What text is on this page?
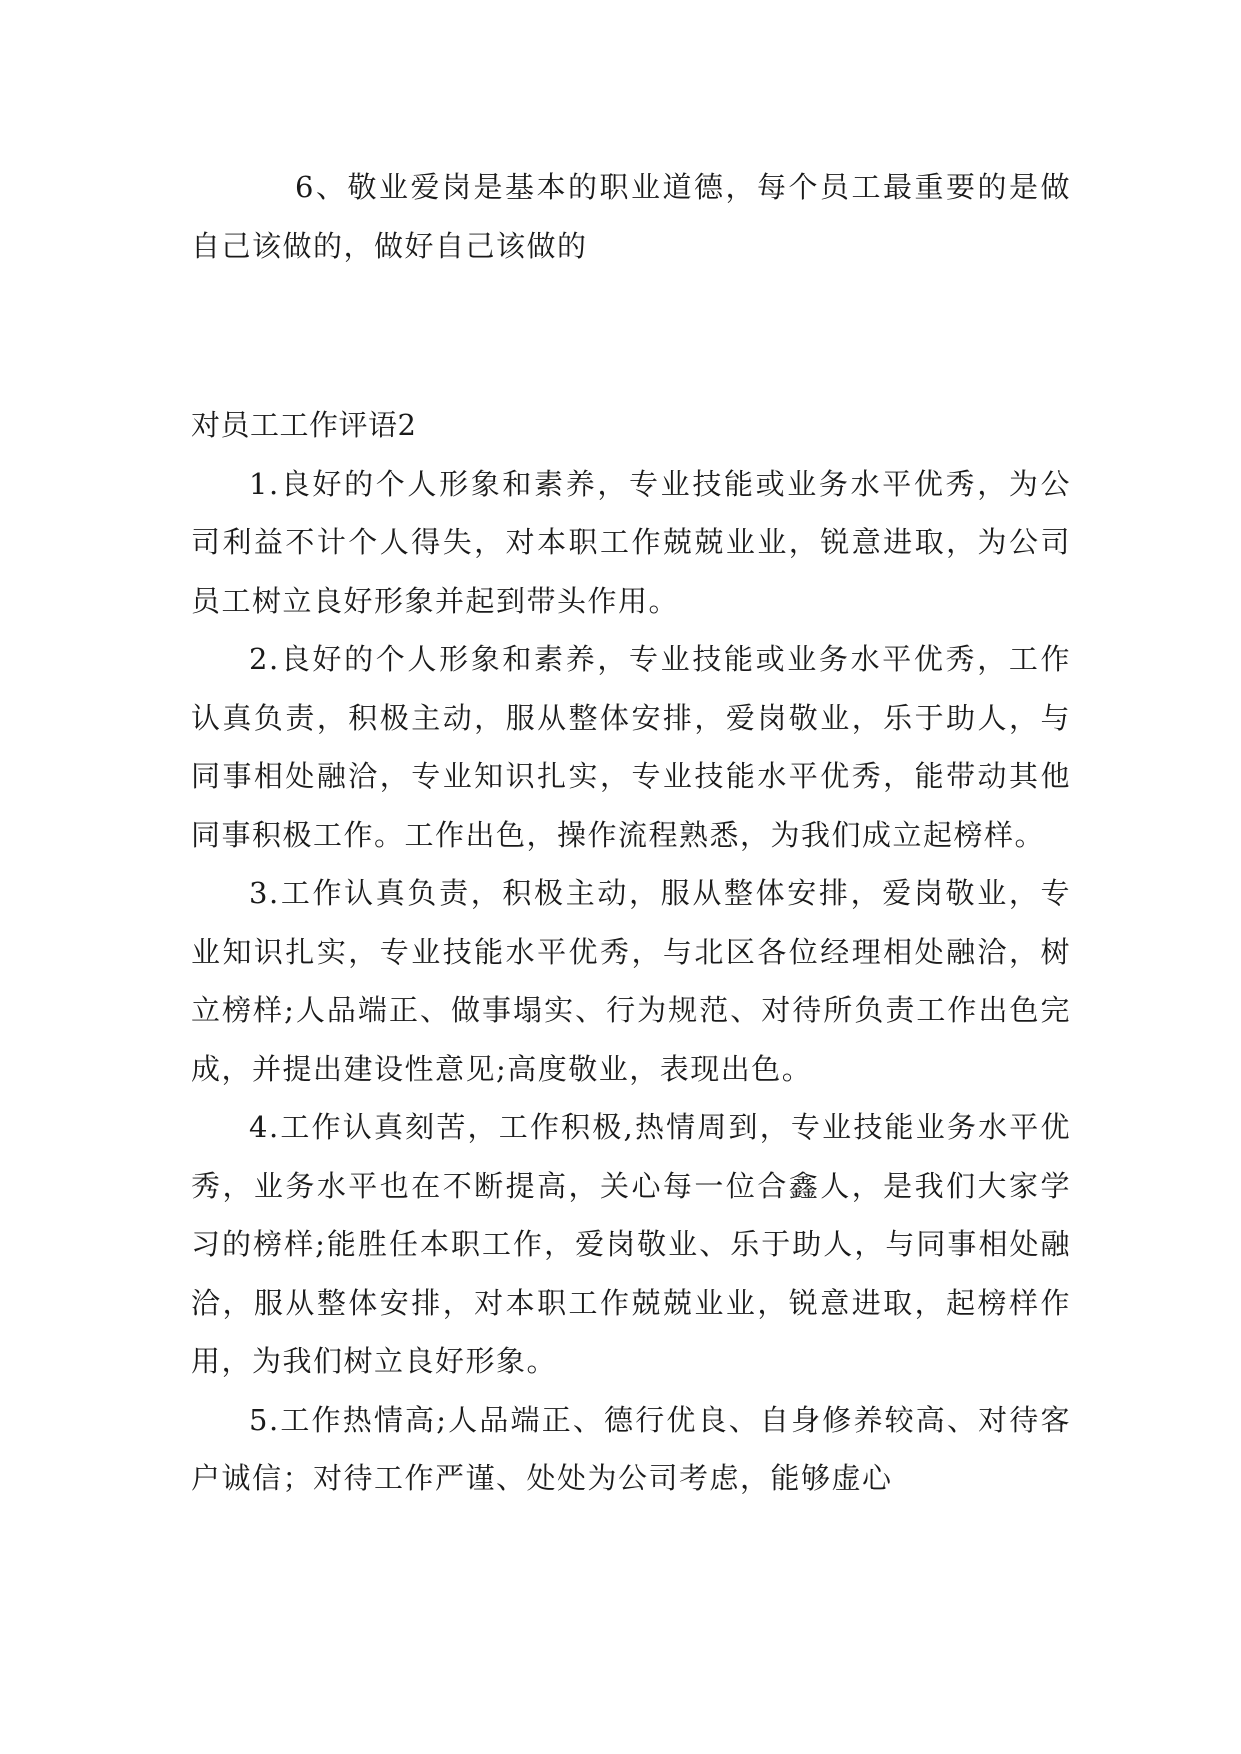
6、敬业爱岗是基本的职业道德，每个员工最重要的是做自己该做的，做好自己该做的

对员工工作评语2

1.良好的个人形象和素养，专业技能或业务水平优秀，为公司利益不计个人得失，对本职工作兢兢业业，锐意进取，为公司员工树立良好形象并起到带头作用。

2.良好的个人形象和素养，专业技能或业务水平优秀，工作认真负责，积极主动，服从整体安排，爱岗敬业，乐于助人，与同事相处融洽，专业知识扎实，专业技能水平优秀，能带动其他同事积极工作。工作出色，操作流程熟悉，为我们成立起榜样。

3.工作认真负责，积极主动，服从整体安排，爱岗敬业，专业知识扎实，专业技能水平优秀，与北区各位经理相处融洽，树立榜样;人品端正、做事塌实、行为规范、对待所负责工作出色完成，并提出建设性意见;高度敬业，表现出色。

4.工作认真刻苦，工作积极,热情周到，专业技能业务水平优秀，业务水平也在不断提高，关心每一位合鑫人，是我们大家学习的榜样;能胜任本职工作，爱岗敬业、乐于助人，与同事相处融洽，服从整体安排，对本职工作兢兢业业，锐意进取，起榜样作用，为我们树立良好形象。

5.工作热情高;人品端正、德行优良、自身修养较高、对待客户诚信；对待工作严谨、处处为公司考虑，能够虚心
